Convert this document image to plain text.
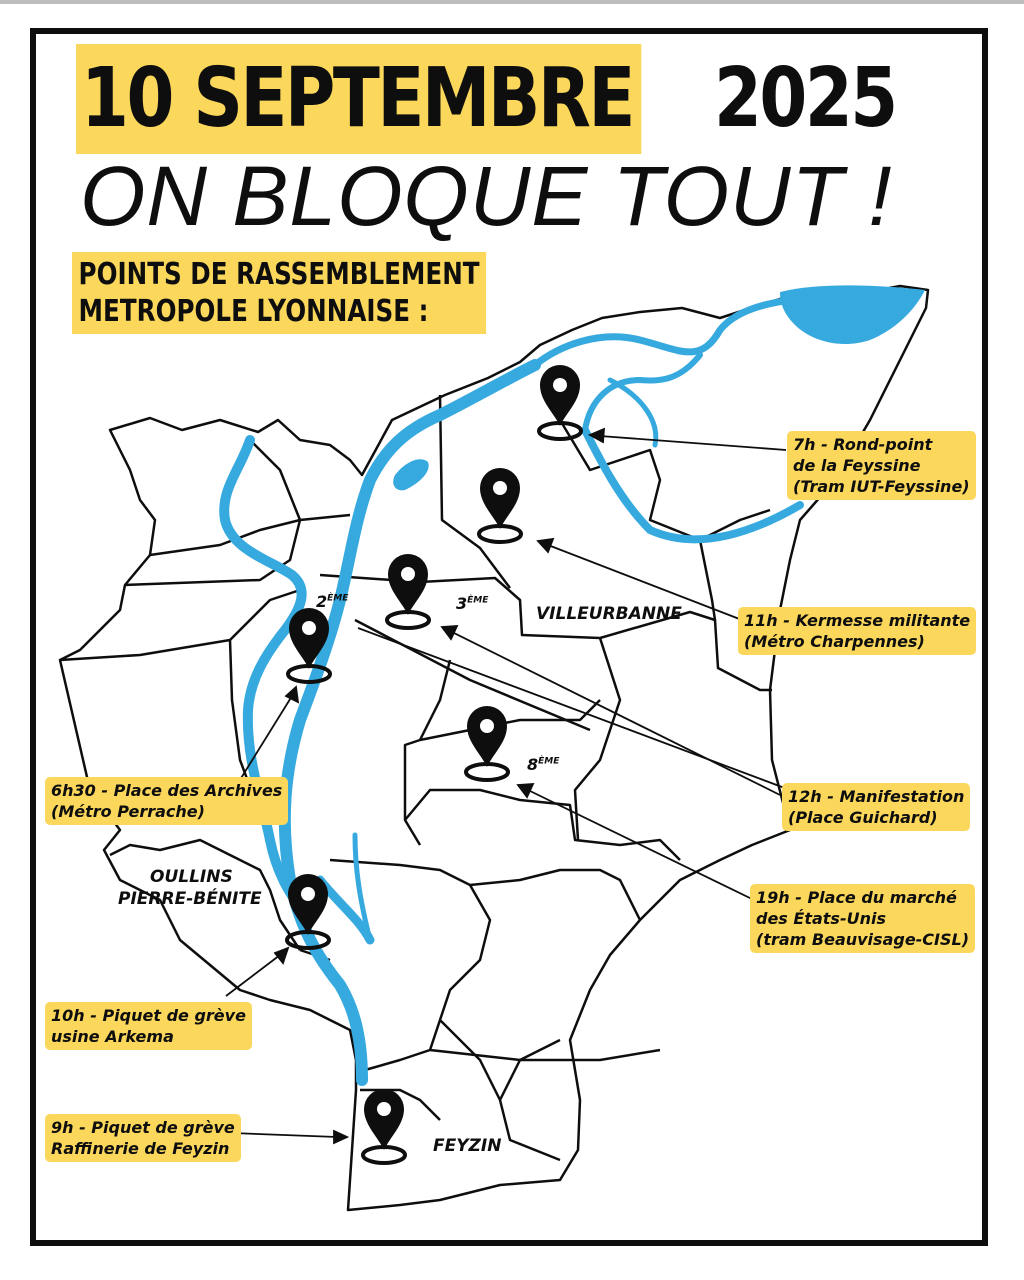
10 SEPTEMBRE 2025
ON BLOQUE TOUT !
POINTS DE RASSEMBLEMENT
METROPOLE LYONNAISE :
VILLEURBANNE
OULLINS
PIERRE-BÉNITE
FEYZIN
2ÈME	3ÈME
8ÈME
7h - Rond-point
de la Feyssine
(Tram IUT-Feyssine)
11h - Kermesse militante
(Métro Charpennes)
12h - Manifestation
(Place Guichard)
19h - Place du marché
des États-Unis
(tram Beauvisage-CISL)
6h30 - Place des Archives
(Métro Perrache)
10h - Piquet de grève
usine Arkema
9h - Piquet de grève
Raffinerie de Feyzin
